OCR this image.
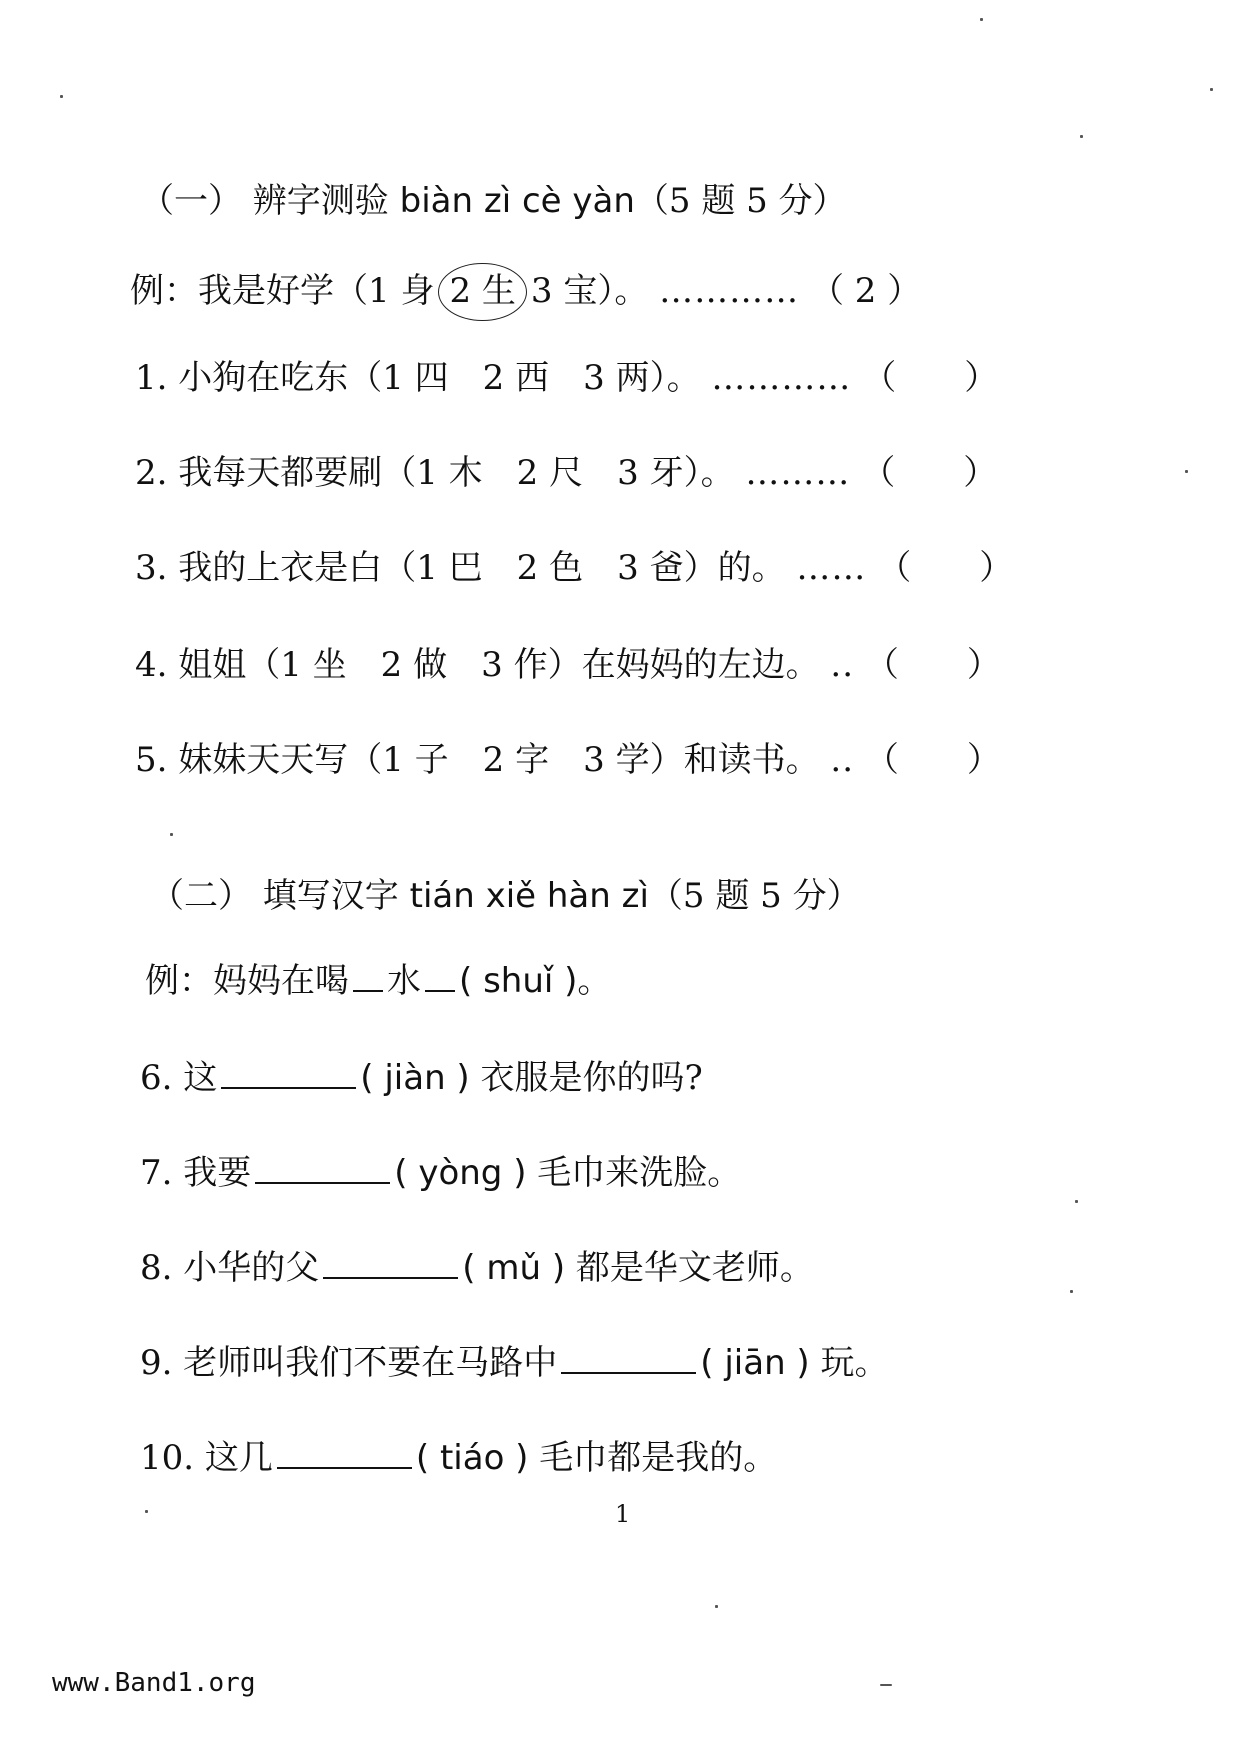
（一） 辨字测验 biàn zì cè yàn（5 题 5 分）
例：我是好学（1 身 2 生 3 宝）。 ………… （ 2 ）
1. 小狗在吃东（1 四　2 西　3 两）。 ………… （　　）
2. 我每天都要刷（1 木　2 尺　3 牙）。 ……… （　　）
3. 我的上衣是白（1 巴　2 色　3 爸）的。 …… （　　）
4. 姐姐（1 坐　2 做　3 作）在妈妈的左边。 .. （　　）
5. 妹妹天天写（1 子　2 字　3 学）和读书。 .. （　　）
（二） 填写汉字 tián xiě hàn zì（5 题 5 分）
例：妈妈在喝 水 ( shuǐ )。
6. 这	( jiàn ) 衣服是你的吗?
7. 我要	( yòng ) 毛巾来洗脸。
8. 小华的父	( mǔ ) 都是华文老师。
9. 老师叫我们不要在马路中	( jiān ) 玩。
10. 这几	( tiáo ) 毛巾都是我的。
1
www.Band1.org
